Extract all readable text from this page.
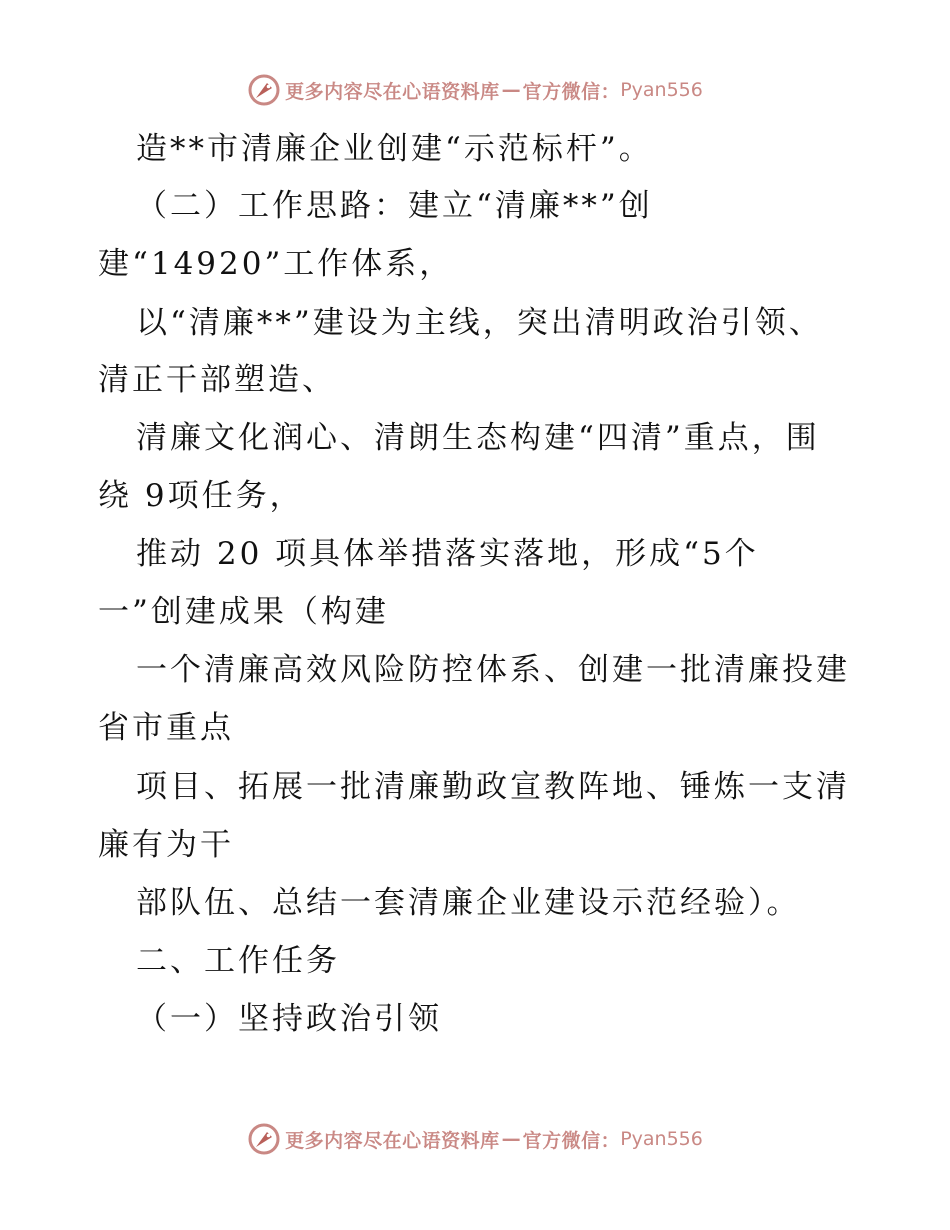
更多内容尽在心语资料库 — 官方微信： Pyan556
造**市清廉企业创建“示范标杆”。
（二）工作思路：建立“清廉**”创
建“14920”工作体系，
以“清廉**”建设为主线，突出清明政治引领、
清正干部塑造、
清廉文化润心、清朗生态构建“四清”重点，围
绕 9项任务，
推动 20 项具体举措落实落地，形成“5个
一”创建成果（构建
一个清廉高效风险防控体系、创建一批清廉投建
省市重点
项目、拓展一批清廉勤政宣教阵地、锤炼一支清
廉有为干
部队伍、总结一套清廉企业建设示范经验）。
二、工作任务
（一）坚持政治引领
更多内容尽在心语资料库 — 官方微信： Pyan556
